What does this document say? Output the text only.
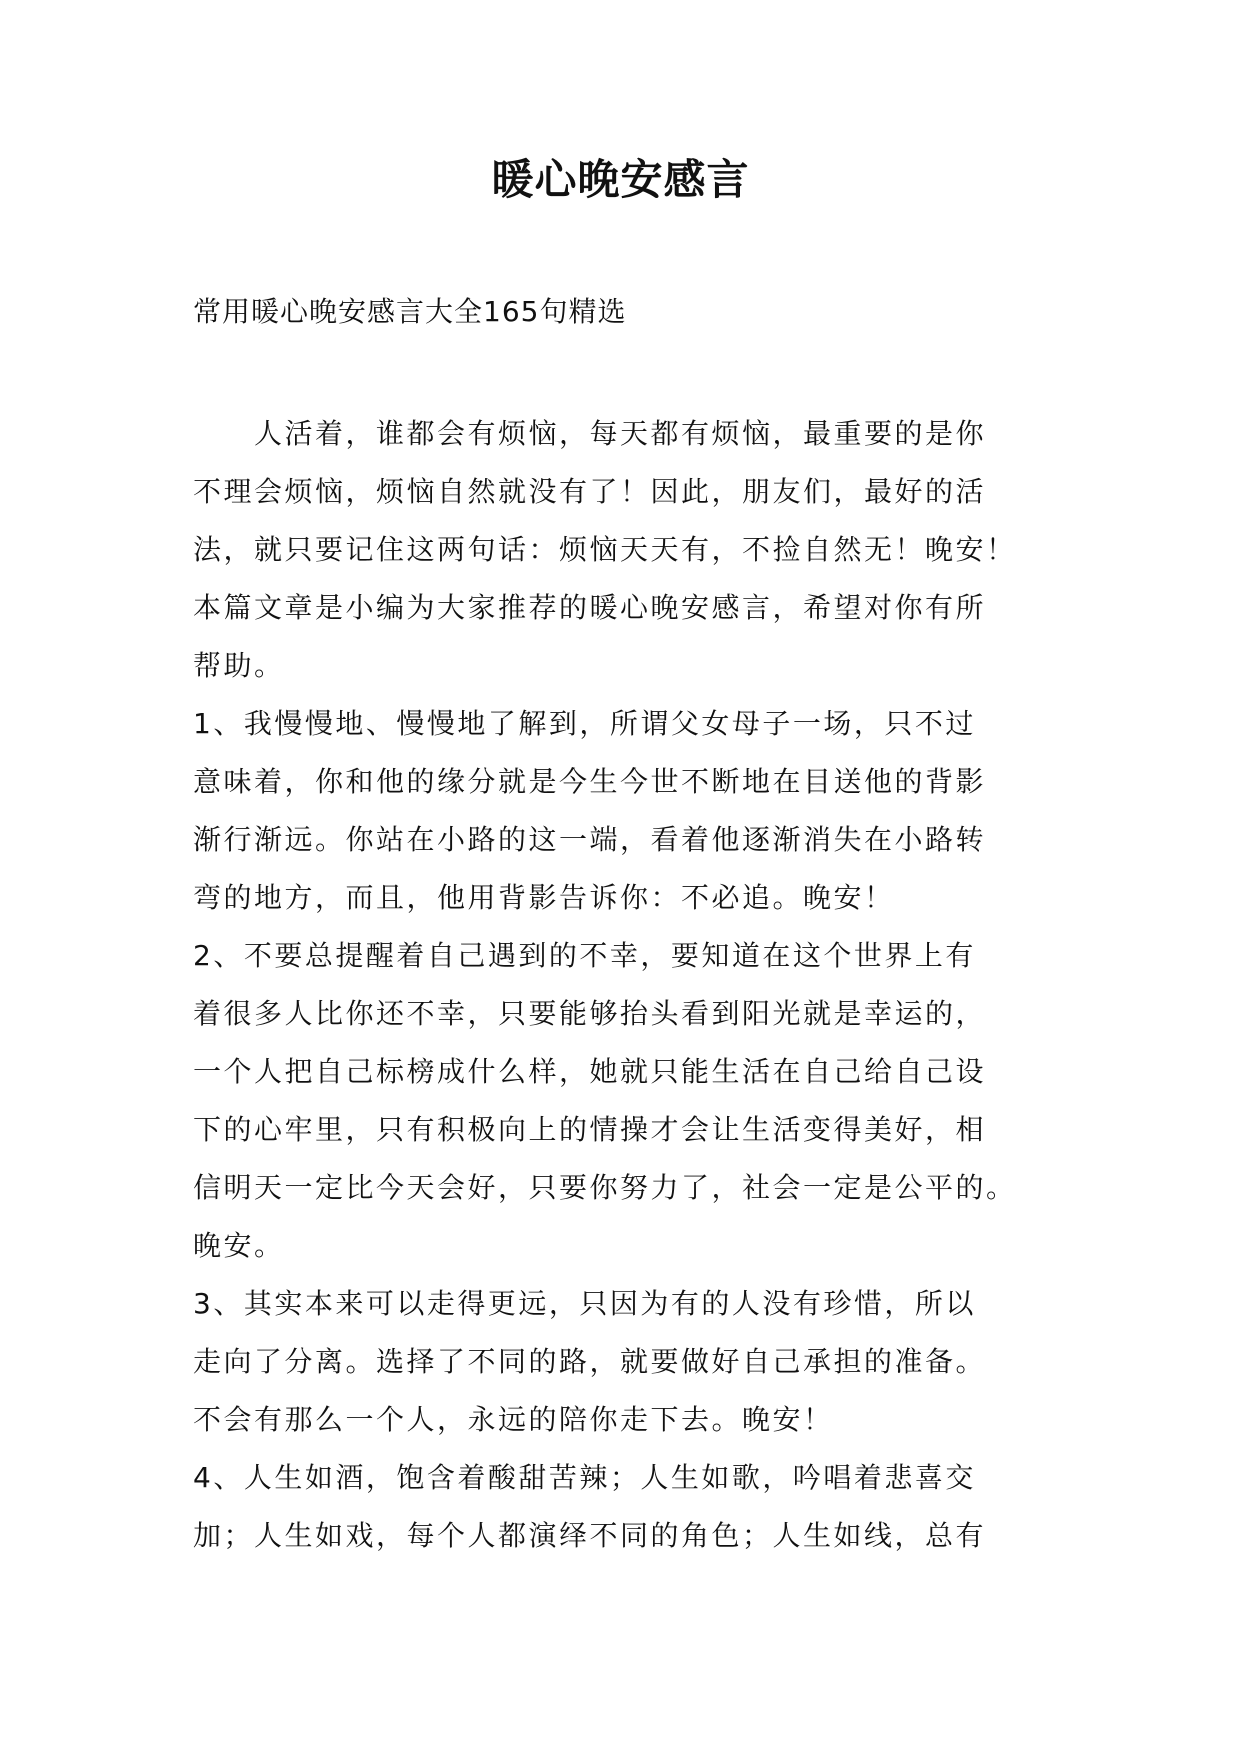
暖心晚安感言
常用暖心晚安感言大全165句精选
　　人活着，谁都会有烦恼，每天都有烦恼，最重要的是你
不理会烦恼，烦恼自然就没有了！因此，朋友们，最好的活
法，就只要记住这两句话：烦恼天天有，不捡自然无！晚安！
本篇文章是小编为大家推荐的暖心晚安感言，希望对你有所
帮助。
1、我慢慢地、慢慢地了解到，所谓父女母子一场，只不过
意味着，你和他的缘分就是今生今世不断地在目送他的背影
渐行渐远。你站在小路的这一端，看着他逐渐消失在小路转
弯的地方，而且，他用背影告诉你：不必追。晚安！
2、不要总提醒着自己遇到的不幸，要知道在这个世界上有
着很多人比你还不幸，只要能够抬头看到阳光就是幸运的，
一个人把自己标榜成什么样，她就只能生活在自己给自己设
下的心牢里，只有积极向上的情操才会让生活变得美好，相
信明天一定比今天会好，只要你努力了，社会一定是公平的。
晚安。
3、其实本来可以走得更远，只因为有的人没有珍惜，所以
走向了分离。选择了不同的路，就要做好自己承担的准备。
不会有那么一个人，永远的陪你走下去。晚安！
4、人生如酒，饱含着酸甜苦辣；人生如歌，吟唱着悲喜交
加；人生如戏，每个人都演绎不同的角色；人生如线，总有
